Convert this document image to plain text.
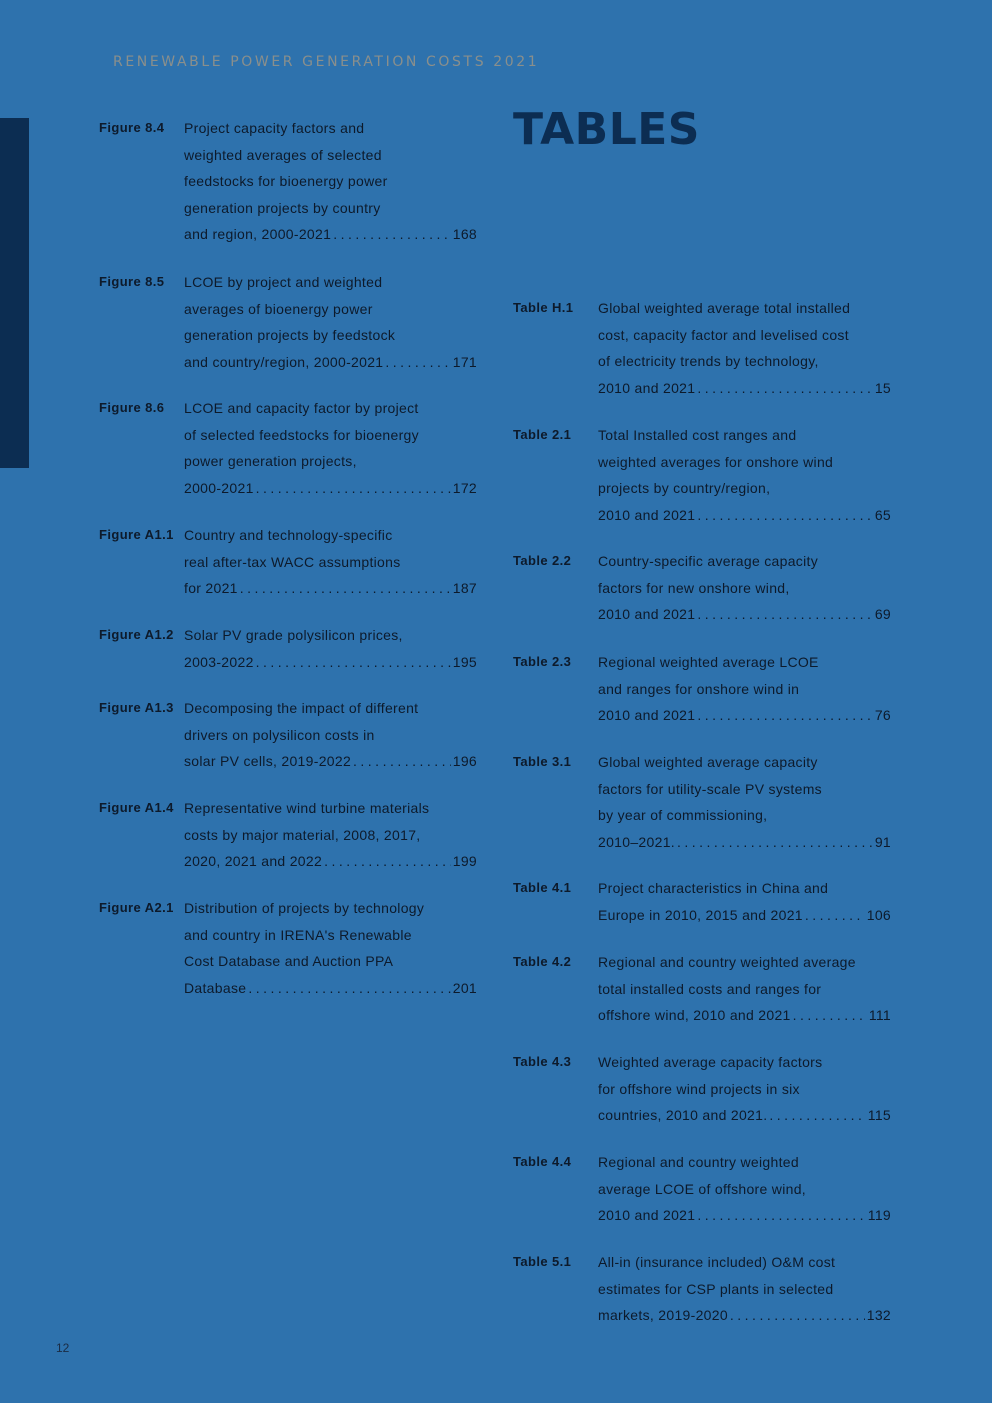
RENEWABLE POWER GENERATION COSTS 2021
TABLES
Figure 8.4 Project capacity factors and
weighted averages of selected
feedstocks for bioenergy power
generation projects by country
and region, 2000-2021 . . .	168
Figure 8.5 LCOE by project and weighted
averages of bioenergy power
generation projects by feedstock
and country/region, 2000-2021 . . .	171
Figure 8.6 LCOE and capacity factor by project
of selected feedstocks for bioenergy
power generation projects,
2000-2021 . . .	172
Figure A1.1 Country and technology-specific
real after-tax WACC assumptions
for 2021 . . .	187
Figure A1.2 Solar PV grade polysilicon prices,
2003-2022 . . .	195
Figure A1.3 Decomposing the impact of different
drivers on polysilicon costs in
solar PV cells, 2019-2022 . . .	196
Figure A1.4 Representative wind turbine materials
costs by major material, 2008, 2017,
2020, 2021 and 2022 . . .	199
Figure A2.1 Distribution of projects by technology
and country in IRENA's Renewable
Cost Database and Auction PPA
Database . . .	201
Table H.1 Global weighted average total installed
cost, capacity factor and levelised cost
of electricity trends by technology,
2010 and 2021 . . .	15
Table 2.1 Total Installed cost ranges and
weighted averages for onshore wind
projects by country/region,
2010 and 2021 . . .	65
Table 2.2 Country-specific average capacity
factors for new onshore wind,
2010 and 2021 . . .	69
Table 2.3 Regional weighted average LCOE
and ranges for onshore wind in
2010 and 2021 . . .	76
Table 3.1 Global weighted average capacity
factors for utility-scale PV systems
by year of commissioning,
2010–2021. . . .	91
Table 4.1 Project characteristics in China and
Europe in 2010, 2015 and 2021 . . .	106
Table 4.2 Regional and country weighted average
total installed costs and ranges for
offshore wind, 2010 and 2021 . . .	111
Table 4.3 Weighted average capacity factors
for offshore wind projects in six
countries, 2010 and 2021. . . .	115
Table 4.4 Regional and country weighted
average LCOE of offshore wind,
2010 and 2021 . . .	119
Table 5.1 All-in (insurance included) O&M cost
estimates for CSP plants in selected
markets, 2019-2020 . . .	132
12
